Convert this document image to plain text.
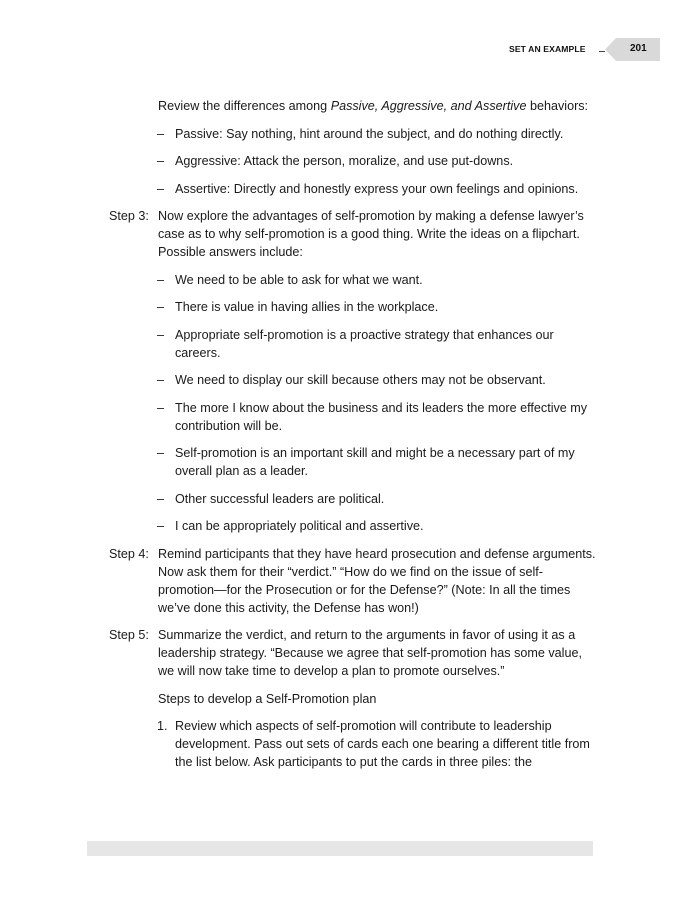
SET AN EXAMPLE	201
Review the differences among Passive, Aggressive, and Assertive behaviors:
– Passive: Say nothing, hint around the subject, and do nothing directly.
– Aggressive: Attack the person, moralize, and use put-downs.
– Assertive: Directly and honestly express your own feelings and opinions.
Step 3: Now explore the advantages of self-promotion by making a defense lawyer’s case as to why self-promotion is a good thing. Write the ideas on a flipchart. Possible answers include:
– We need to be able to ask for what we want.
– There is value in having allies in the workplace.
– Appropriate self-promotion is a proactive strategy that enhances our careers.
– We need to display our skill because others may not be observant.
– The more I know about the business and its leaders the more effective my contribution will be.
– Self-promotion is an important skill and might be a necessary part of my overall plan as a leader.
– Other successful leaders are political.
– I can be appropriately political and assertive.
Step 4: Remind participants that they have heard prosecution and defense arguments. Now ask them for their “verdict.” “How do we find on the issue of self-promotion—for the Prosecution or for the Defense?” (Note: In all the times we’ve done this activity, the Defense has won!)
Step 5: Summarize the verdict, and return to the arguments in favor of using it as a leadership strategy. “Because we agree that self-promotion has some value, we will now take time to develop a plan to promote ourselves.”
Steps to develop a Self-Promotion plan
1. Review which aspects of self-promotion will contribute to leadership development. Pass out sets of cards each one bearing a different title from the list below. Ask participants to put the cards in three piles: the
